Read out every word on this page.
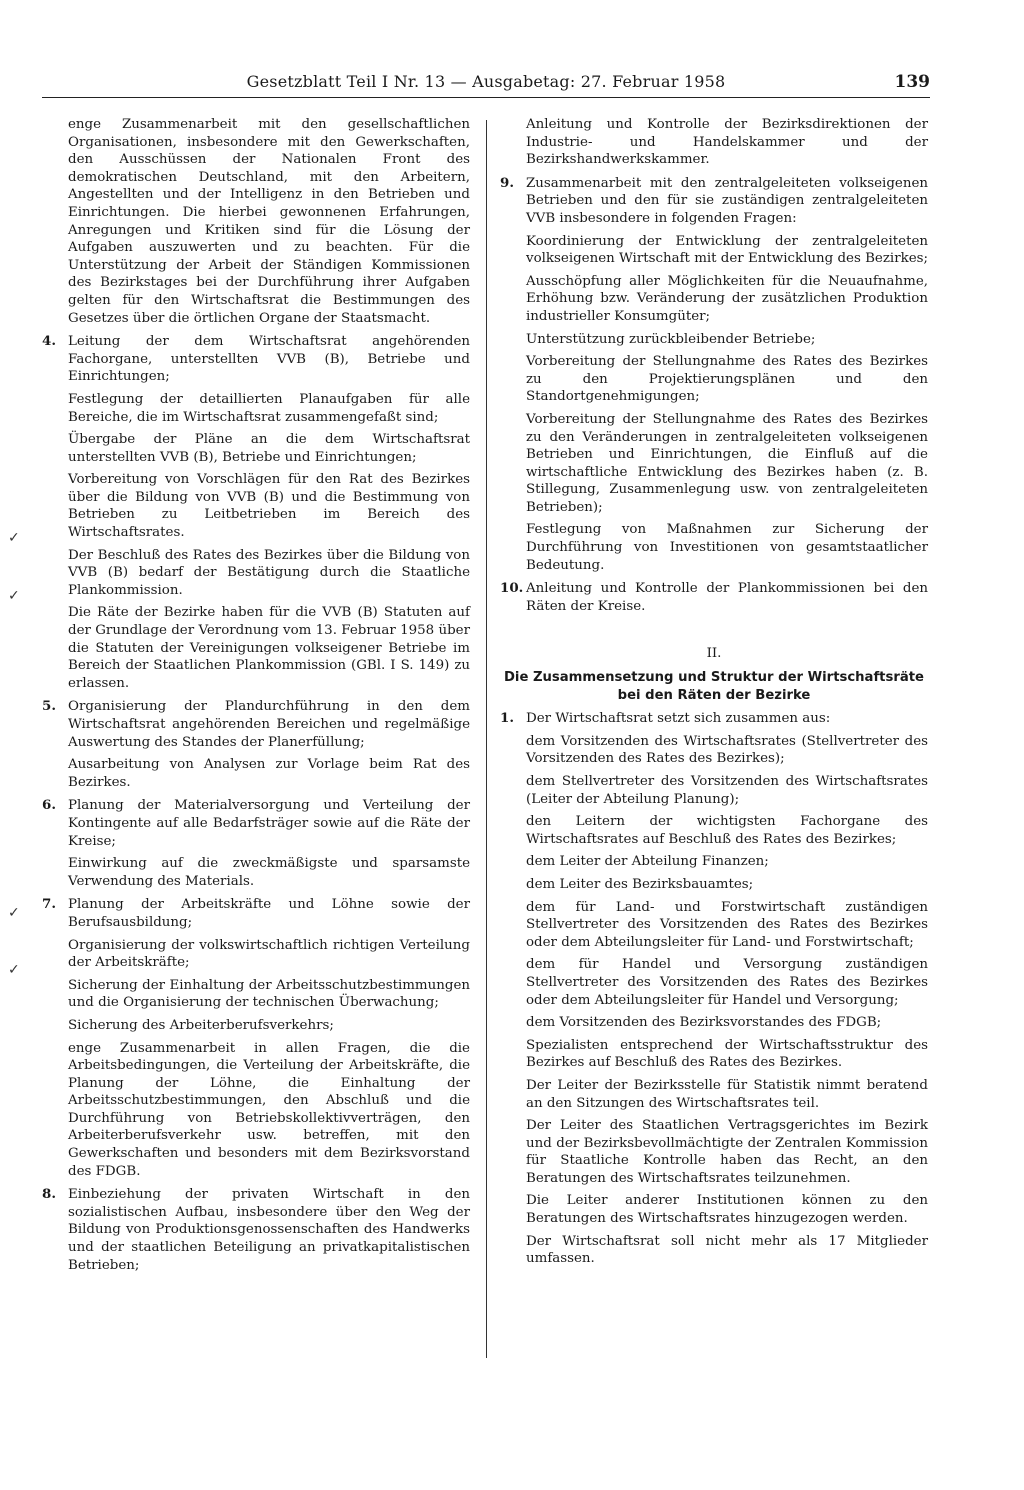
Gesetzblatt Teil I Nr. 13 — Ausgabetag: 27. Februar 1958	139
✓
✓
✓
✓

enge Zusammenarbeit mit den gesellschaftlichen Organisationen, insbesondere mit den Gewerkschaften, den Ausschüssen der Nationalen Front des demokratischen Deutschland, mit den Arbeitern, Angestellten und der Intelligenz in den Betrieben und Einrichtungen. Die hierbei gewonnenen Erfahrungen, Anregungen und Kritiken sind für die Lösung der Aufgaben auszuwerten und zu beachten. Für die Unterstützung der Arbeit der Ständigen Kommissionen des Bezirkstages bei der Durchführung ihrer Aufgaben gelten für den Wirtschaftsrat die Bestimmungen des Gesetzes über die örtlichen Organe der Staatsmacht.

4. Leitung der dem Wirtschaftsrat angehörenden Fachorgane, unterstellten VVB (B), Betriebe und Einrichtungen;

Festlegung der detaillierten Planaufgaben für alle Bereiche, die im Wirtschaftsrat zusammengefaßt sind;

Übergabe der Pläne an die dem Wirtschaftsrat unterstellten VVB (B), Betriebe und Einrichtungen;

Vorbereitung von Vorschlägen für den Rat des Bezirkes über die Bildung von VVB (B) und die Bestimmung von Betrieben zu Leitbetrieben im Bereich des Wirtschaftsrates.

Der Beschluß des Rates des Bezirkes über die Bildung von VVB (B) bedarf der Bestätigung durch die Staatliche Plankommission.

Die Räte der Bezirke haben für die VVB (B) Statuten auf der Grundlage der Verordnung vom 13. Februar 1958 über die Statuten der Vereinigungen volkseigener Betriebe im Bereich der Staatlichen Plankommission (GBl. I S. 149) zu erlassen.

5. Organisierung der Plandurchführung in den dem Wirtschaftsrat angehörenden Bereichen und regelmäßige Auswertung des Standes der Planerfüllung;

Ausarbeitung von Analysen zur Vorlage beim Rat des Bezirkes.

6. Planung der Materialversorgung und Verteilung der Kontingente auf alle Bedarfsträger sowie auf die Räte der Kreise;

Einwirkung auf die zweckmäßigste und sparsamste Verwendung des Materials.

7. Planung der Arbeitskräfte und Löhne sowie der Berufsausbildung;

Organisierung der volkswirtschaftlich richtigen Verteilung der Arbeitskräfte;

Sicherung der Einhaltung der Arbeitsschutzbestimmungen und die Organisierung der technischen Überwachung;

Sicherung des Arbeiterberufsverkehrs;

enge Zusammenarbeit in allen Fragen, die die Arbeitsbedingungen, die Verteilung der Arbeitskräfte, die Planung der Löhne, die Einhaltung der Arbeitsschutzbestimmungen, den Abschluß und die Durchführung von Betriebskollektivverträgen, den Arbeiterberufsverkehr usw. betreffen, mit den Gewerkschaften und besonders mit dem Bezirksvorstand des FDGB.

8. Einbeziehung der privaten Wirtschaft in den sozialistischen Aufbau, insbesondere über den Weg der Bildung von Produktionsgenossenschaften des Handwerks und der staatlichen Beteiligung an privatkapitalistischen Betrieben;

Anleitung und Kontrolle der Bezirksdirektionen der Industrie- und Handelskammer und der Bezirkshandwerkskammer.

9. Zusammenarbeit mit den zentralgeleiteten volkseigenen Betrieben und den für sie zuständigen zentralgeleiteten VVB insbesondere in folgenden Fragen:

Koordinierung der Entwicklung der zentralgeleiteten volkseigenen Wirtschaft mit der Entwicklung des Bezirkes;

Ausschöpfung aller Möglichkeiten für die Neuaufnahme, Erhöhung bzw. Veränderung der zusätzlichen Produktion industrieller Konsumgüter;

Unterstützung zurückbleibender Betriebe;

Vorbereitung der Stellungnahme des Rates des Bezirkes zu den Projektierungsplänen und den Standortgenehmigungen;

Vorbereitung der Stellungnahme des Rates des Bezirkes zu den Veränderungen in zentralgeleiteten volkseigenen Betrieben und Einrichtungen, die Einfluß auf die wirtschaftliche Entwicklung des Bezirkes haben (z. B. Stillegung, Zusammenlegung usw. von zentralgeleiteten Betrieben);

Festlegung von Maßnahmen zur Sicherung der Durchführung von Investitionen von gesamtstaatlicher Bedeutung.

10. Anleitung und Kontrolle der Plankommissionen bei den Räten der Kreise.

II.
Die Zusammensetzung und Struktur der Wirtschaftsräte bei den Räten der Bezirke
1. Der Wirtschaftsrat setzt sich zusammen aus:

dem Vorsitzenden des Wirtschaftsrates (Stellvertreter des Vorsitzenden des Rates des Bezirkes);

dem Stellvertreter des Vorsitzenden des Wirtschaftsrates (Leiter der Abteilung Planung);

den Leitern der wichtigsten Fachorgane des Wirtschaftsrates auf Beschluß des Rates des Bezirkes;

dem Leiter der Abteilung Finanzen;

dem Leiter des Bezirksbauamtes;

dem für Land- und Forstwirtschaft zuständigen Stellvertreter des Vorsitzenden des Rates des Bezirkes oder dem Abteilungsleiter für Land- und Forstwirtschaft;

dem für Handel und Versorgung zuständigen Stellvertreter des Vorsitzenden des Rates des Bezirkes oder dem Abteilungsleiter für Handel und Versorgung;

dem Vorsitzenden des Bezirksvorstandes des FDGB;

Spezialisten entsprechend der Wirtschaftsstruktur des Bezirkes auf Beschluß des Rates des Bezirkes.

Der Leiter der Bezirksstelle für Statistik nimmt beratend an den Sitzungen des Wirtschaftsrates teil.

Der Leiter des Staatlichen Vertragsgerichtes im Bezirk und der Bezirksbevollmächtigte der Zentralen Kommission für Staatliche Kontrolle haben das Recht, an den Beratungen des Wirtschaftsrates teilzunehmen.

Die Leiter anderer Institutionen können zu den Beratungen des Wirtschaftsrates hinzugezogen werden.

Der Wirtschaftsrat soll nicht mehr als 17 Mitglieder umfassen.
